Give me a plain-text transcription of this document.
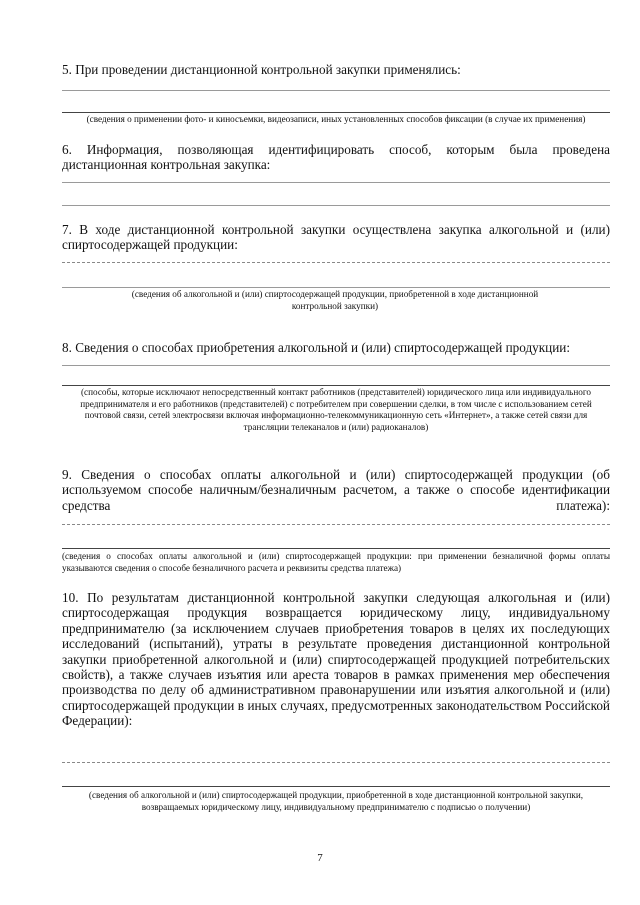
5. При проведении дистанционной контрольной закупки применялись:

(сведения о применении фото- и киносъемки, видеозаписи, иных установленных способов фиксации (в случае их применения)

6. Информация, позволяющая идентифицировать способ, которым была проведена дистанционная контрольная закупка:

7. В ходе дистанционной контрольной закупки осуществлена закупка алкогольной и (или) спиртосодержащей продукции:

(сведения об алкогольной и (или) спиртосодержащей продукции, приобретенной в ходе дистанционной контрольной закупки)

8. Сведения о способах приобретения алкогольной и (или) спиртосодержащей продукции:

(способы, которые исключают непосредственный контакт работников (представителей) юридического лица или индивидуального предпринимателя и его работников (представителей) с потребителем при совершении сделки, в том числе с использованием сетей почтовой связи, сетей электросвязи включая информационно-телекоммуникационную сеть «Интернет», а также сетей связи для трансляции телеканалов и (или) радиоканалов)

9. Сведения о способах оплаты алкогольной и (или) спиртосодержащей продукции (об используемом способе наличным/безналичным расчетом, а также о способе идентификации средства платежа):

(сведения о способах оплаты алкогольной и (или) спиртосодержащей продукции: при применении безналичной формы оплаты указываются сведения о способе безналичного расчета и реквизиты средства платежа)

10. По результатам дистанционной контрольной закупки следующая алкогольная и (или) спиртосодержащая продукция возвращается юридическому лицу, индивидуальному предпринимателю (за исключением случаев приобретения товаров в целях их последующих исследований (испытаний), утраты в результате проведения дистанционной контрольной закупки приобретенной алкогольной и (или) спиртосодержащей продукцией потребительских свойств), а также случаев изъятия или ареста товаров в рамках применения мер обеспечения производства по делу об административном правонарушении или изъятия алкогольной и (или) спиртосодержащей продукции в иных случаях, предусмотренных законодательством Российской Федерации):

(сведения об алкогольной и (или) спиртосодержащей продукции, приобретенной в ходе дистанционной контрольной закупки, возвращаемых юридическому лицу, индивидуальному предпринимателю с подписью о получении)

7
